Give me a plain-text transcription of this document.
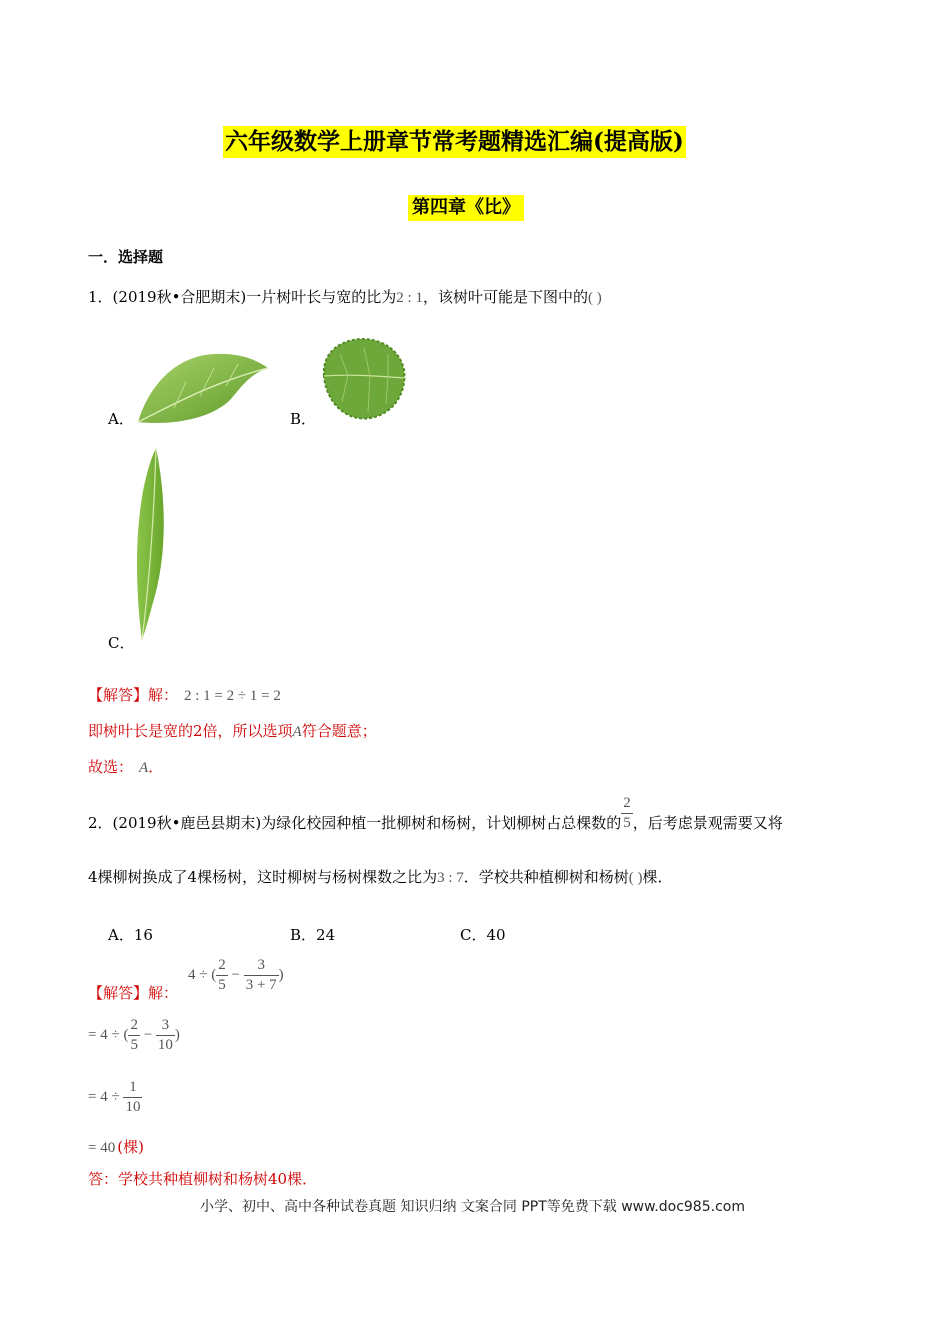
六年级数学上册章节常考题精选汇编(提高版)
第四章《比》
一．选择题
1．(2019秋•合肥期末)一片树叶长与宽的比为2 : 1，该树叶可能是下图中的( )
A．	B．
C．
【解答】解： 2 : 1 = 2 ÷ 1 = 2
即树叶长是宽的2倍，所以选项A符合题意；
故选： A．
2．(2019秋•鹿邑县期末)为绿化校园种植一批柳树和杨树，计划柳树占总棵数的 $\frac{2}{5}$ ，后考虑景观需要又将
4棵柳树换成了4棵杨树，这时柳树与杨树棵数之比为3 : 7．学校共种植柳树和杨树( )棵．
A．16	B．24	C．40
【解答】解：
4 ÷ ( $\frac{2}{5} - \frac{3}{3 + 7}$ )
= 4 ÷ ( $\frac{2}{5} - \frac{3}{10}$ )
= $4 \div \frac{1}{10}$
= 40 (棵)
答：学校共种植柳树和杨树40棵．
小学、初中、高中各种试卷真题 知识归纳 文案合同 PPT等免费下载 www.doc985.com
